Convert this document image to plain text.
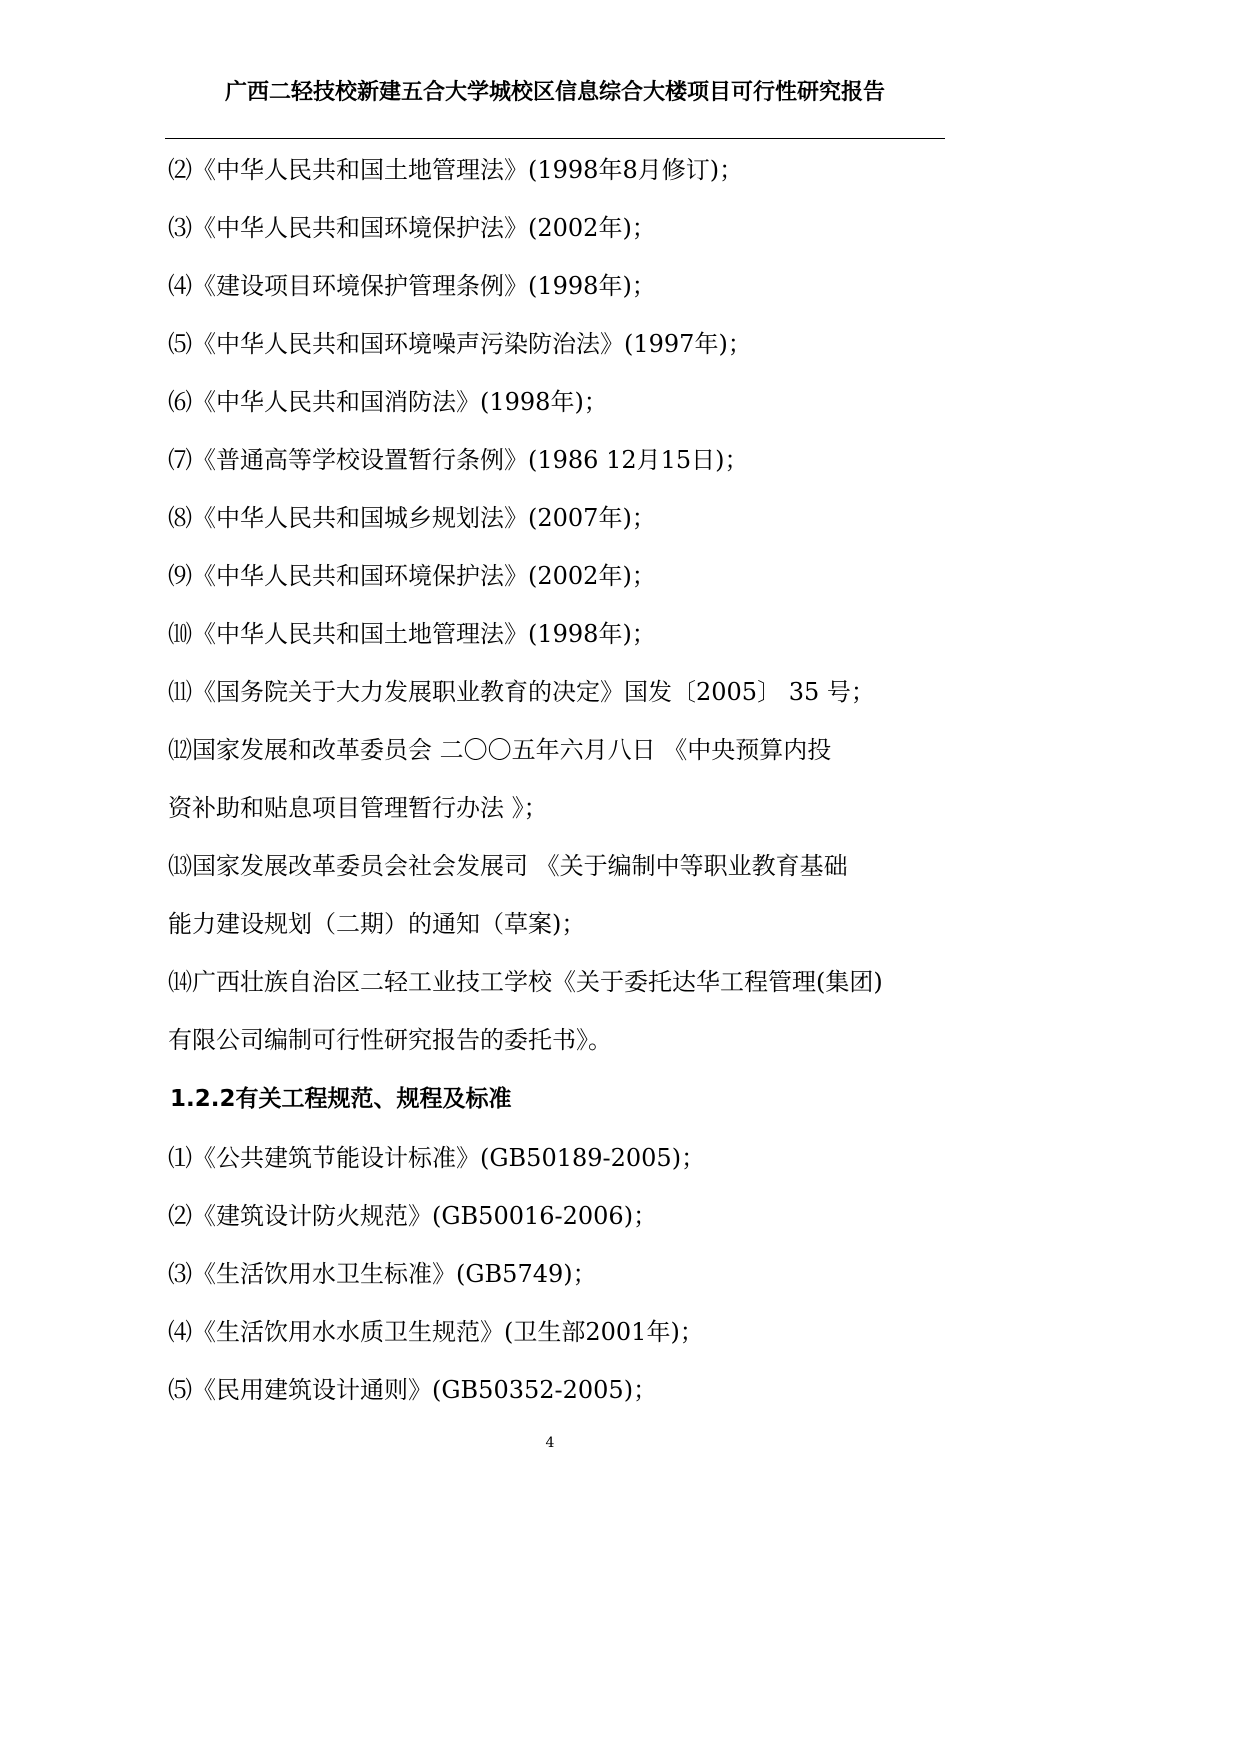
广西二轻技校新建五合大学城校区信息综合大楼项目可行性研究报告
⑵《中华人民共和国土地管理法》(1998年8月修订)；
⑶《中华人民共和国环境保护法》(2002年)；
⑷《建设项目环境保护管理条例》(1998年)；
⑸《中华人民共和国环境噪声污染防治法》(1997年)；
⑹《中华人民共和国消防法》(1998年)；
⑺《普通高等学校设置暂行条例》(1986 12月15日)；
⑻《中华人民共和国城乡规划法》(2007年)；
⑼《中华人民共和国环境保护法》(2002年)；
⑽《中华人民共和国土地管理法》(1998年)；
⑾《国务院关于大力发展职业教育的决定》国发〔2005〕 35 号；
⑿国家发展和改革委员会 二〇〇五年六月八日 《中央预算内投
资补助和贴息项目管理暂行办法 》；
⒀国家发展改革委员会社会发展司 《关于编制中等职业教育基础
能力建设规划（二期）的通知（草案)；
⒁广西壮族自治区二轻工业技工学校《关于委托达华工程管理(集团)
有限公司编制可行性研究报告的委托书》。
1.2.2有关工程规范、规程及标准
⑴《公共建筑节能设计标准》(GB50189-2005)；
⑵《建筑设计防火规范》(GB50016-2006)；
⑶《生活饮用水卫生标准》(GB5749)；
⑷《生活饮用水水质卫生规范》(卫生部2001年)；
⑸《民用建筑设计通则》(GB50352-2005)；
4
